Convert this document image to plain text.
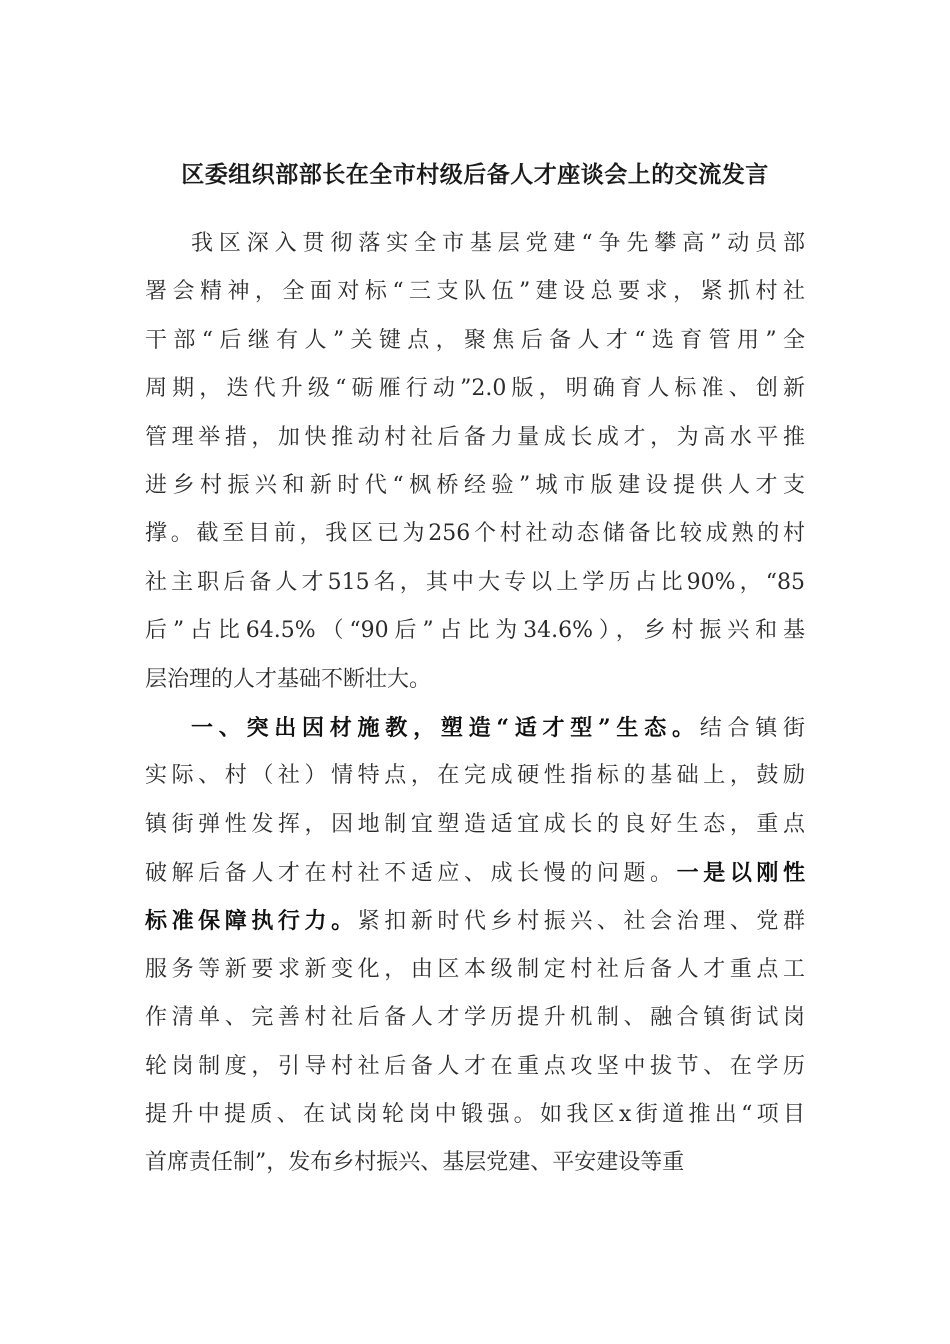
区委组织部部长在全市村级后备人才座谈会上的交流发言
我区深入贯彻落实全市基层党建“争先攀高”动员部
署会精神，全面对标“三支队伍”建设总要求，紧抓村社
干部“后继有人”关键点，聚焦后备人才“选育管用”全
周期，迭代升级“砺雁行动”2.0版，明确育人标准、创新
管理举措，加快推动村社后备力量成长成才，为高水平推
进乡村振兴和新时代“枫桥经验”城市版建设提供人才支
撑。截至目前，我区已为256个村社动态储备比较成熟的村
社主职后备人才515名，其中大专以上学历占比90%，“85
后”占比64.5%（“90后”占比为34.6%），乡村振兴和基
层治理的人才基础不断壮大。
一、突出因材施教，塑造“适才型”生态。结合镇街
实际、村（社）情特点，在完成硬性指标的基础上，鼓励
镇街弹性发挥，因地制宜塑造适宜成长的良好生态，重点
破解后备人才在村社不适应、成长慢的问题。一是以刚性
标准保障执行力。紧扣新时代乡村振兴、社会治理、党群
服务等新要求新变化，由区本级制定村社后备人才重点工
作清单、完善村社后备人才学历提升机制、融合镇街试岗
轮岗制度，引导村社后备人才在重点攻坚中拔节、在学历
提升中提质、在试岗轮岗中锻强。如我区x街道推出“项目
首席责任制”，发布乡村振兴、基层党建、平安建设等重
